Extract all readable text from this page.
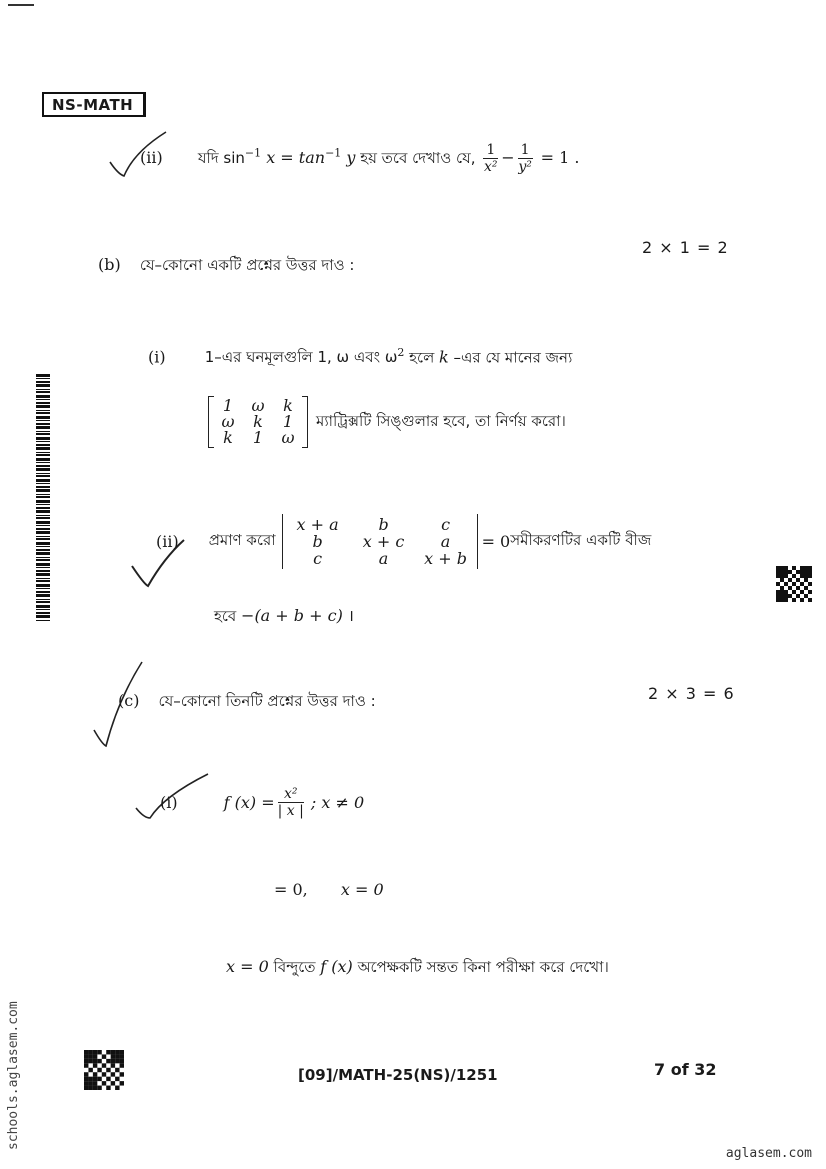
NS-MATH
(ii) যদি $\sin^{-1} x = \tan^{-1} y$ হয় তবে দেখাও যে, $\frac{1}{\text{x²}} - \frac{1}{\text{y²}} = 1$ .
(b) যে–কোনো একটি প্রশ্নের উত্তর দাও :
2 × 1 = 2
(i)	1–এর ঘনমূলগুলি 1, ω এবং $\omega^2$ হলে k –এর যে মানের জন্য
1	ω	k
ω	k	1
k	1	ω
ম্যাট্রিক্সটি সিঙ্গুলার হবে, তা নির্ণয় করো।
(ii) প্রমাণ করো
x + a	b	c
b	x + c	a
c	a	x + b
= 0 সমীকরণটির একটি বীজ
হবে −(a + b + c) ।
(c) যে–কোনো তিনটি প্রশ্নের উত্তর দাও :	2 × 3 = 6
(i)	f $(x) = \frac{\text{x²}}{| x |}$ ; x ≠ 0
= 0, x = 0
x = 0 বিন্দুতে f (x) অপেক্ষকটি সন্তত কিনা পরীক্ষা করে দেখো।
[09]/MATH-25(NS)/1251	7 of 32
schools.aglasem.com
aglasem.com
